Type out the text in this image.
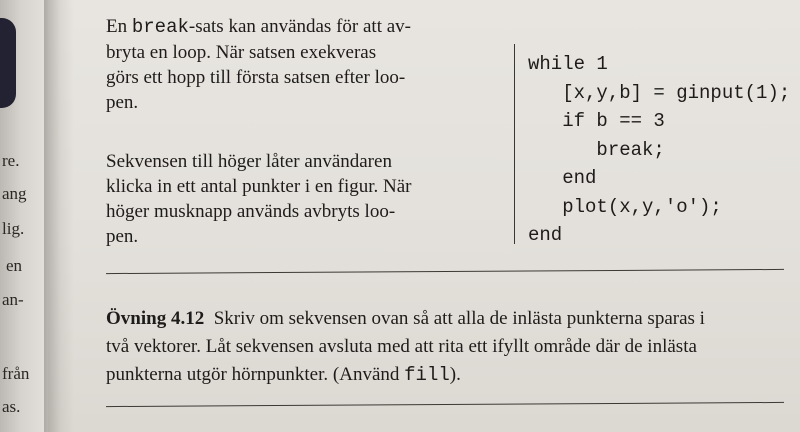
re.
ang
lig.
en
an-
från
as.

En break-sats kan användas för att av-
bryta en loop. När satsen exekveras
görs ett hopp till första satsen efter loo-
pen.

Sekvensen till höger låter användaren
klicka in ett antal punkter i en figur. När
höger musknapp används avbryts loo-
pen.

while 1
[x,y,b] = ginput(1);
if b == 3
break;
end
plot(x,y,'o');
end
Övning 4.12 Skriv om sekvensen ovan så att alla de inlästa punkterna sparas i
två vektorer. Låt sekvensen avsluta med att rita ett ifyllt område där de inlästa
punkterna utgör hörnpunkter. (Använd fill).
